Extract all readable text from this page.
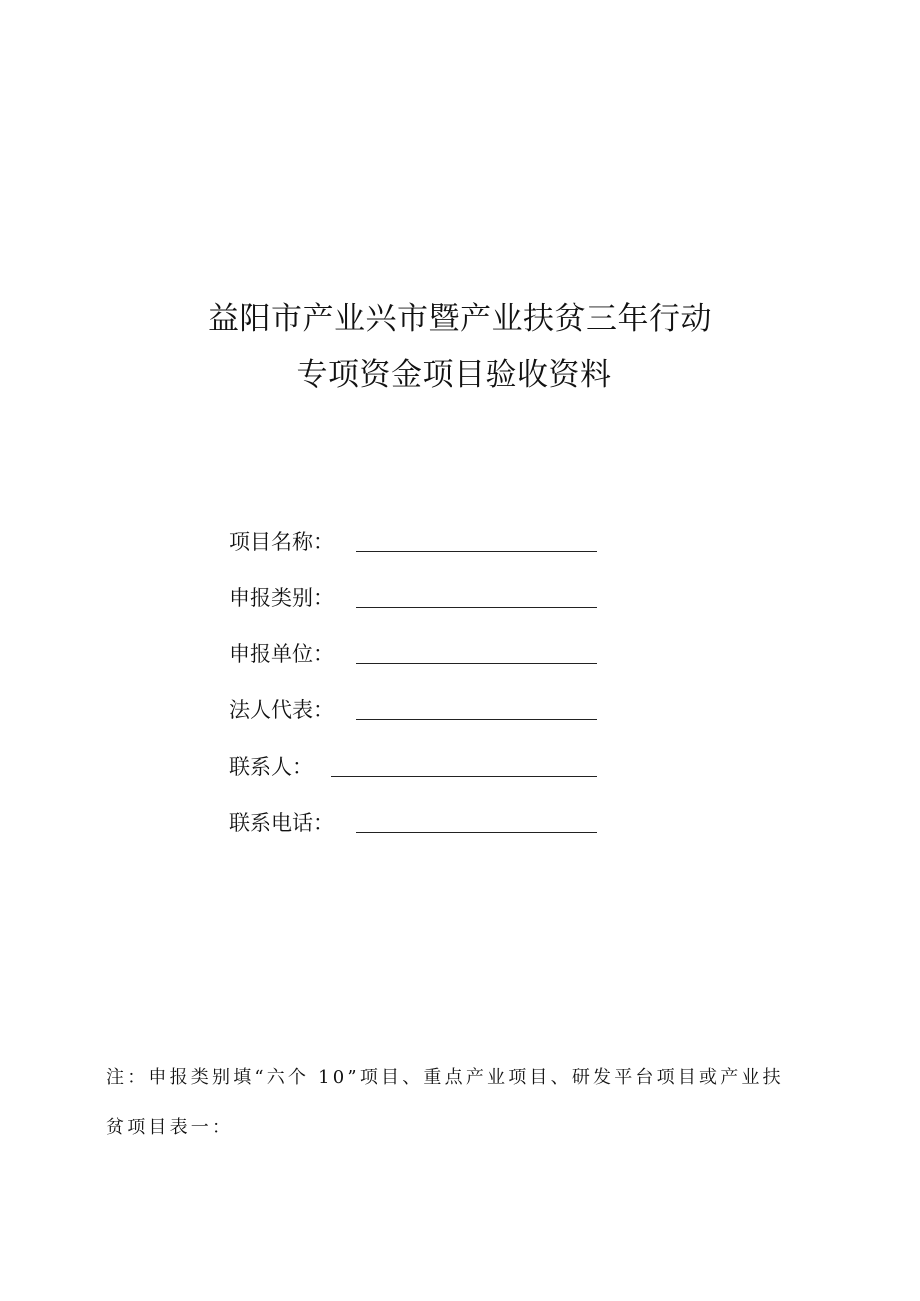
益阳市产业兴市暨产业扶贫三年行动
专项资金项目验收资料
项目名称：
申报类别：
申报单位：
法人代表：
联系人：
联系电话：
注：申报类别填“六个 10”项目、重点产业项目、研发平台项目或产业扶
贫项目表一：
